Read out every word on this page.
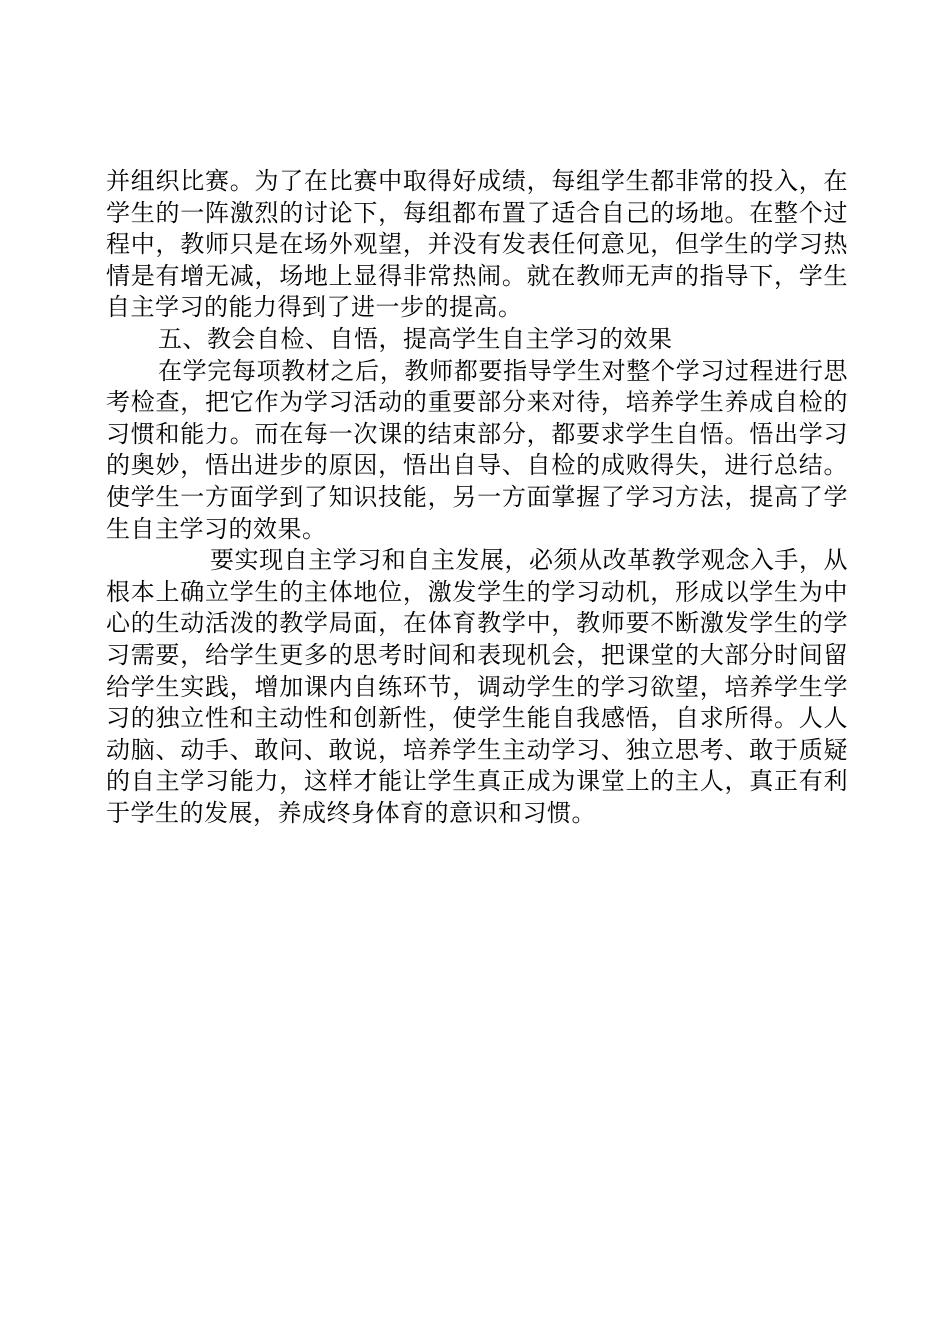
并组织比赛。为了在比赛中取得好成绩，每组学生都非常的投入，在学生的一阵激烈的讨论下，每组都布置了适合自己的场地。在整个过程中，教师只是在场外观望，并没有发表任何意见，但学生的学习热情是有增无减，场地上显得非常热闹。就在教师无声的指导下，学生自主学习的能力得到了进一步的提高。

五、教会自检、自悟，提高学生自主学习的效果

在学完每项教材之后，教师都要指导学生对整个学习过程进行思考检查，把它作为学习活动的重要部分来对待，培养学生养成自检的习惯和能力。而在每一次课的结束部分，都要求学生自悟。悟出学习的奥妙，悟出进步的原因，悟出自导、自检的成败得失，进行总结。使学生一方面学到了知识技能，另一方面掌握了学习方法，提高了学生自主学习的效果。

要实现自主学习和自主发展，必须从改革教学观念入手，从根本上确立学生的主体地位，激发学生的学习动机，形成以学生为中心的生动活泼的教学局面，在体育教学中，教师要不断激发学生的学习需要，给学生更多的思考时间和表现机会，把课堂的大部分时间留给学生实践，增加课内自练环节，调动学生的学习欲望，培养学生学习的独立性和主动性和创新性，使学生能自我感悟，自求所得。人人动脑、动手、敢问、敢说，培养学生主动学习、独立思考、敢于质疑的自主学习能力，这样才能让学生真正成为课堂上的主人，真正有利于学生的发展，养成终身体育的意识和习惯。
